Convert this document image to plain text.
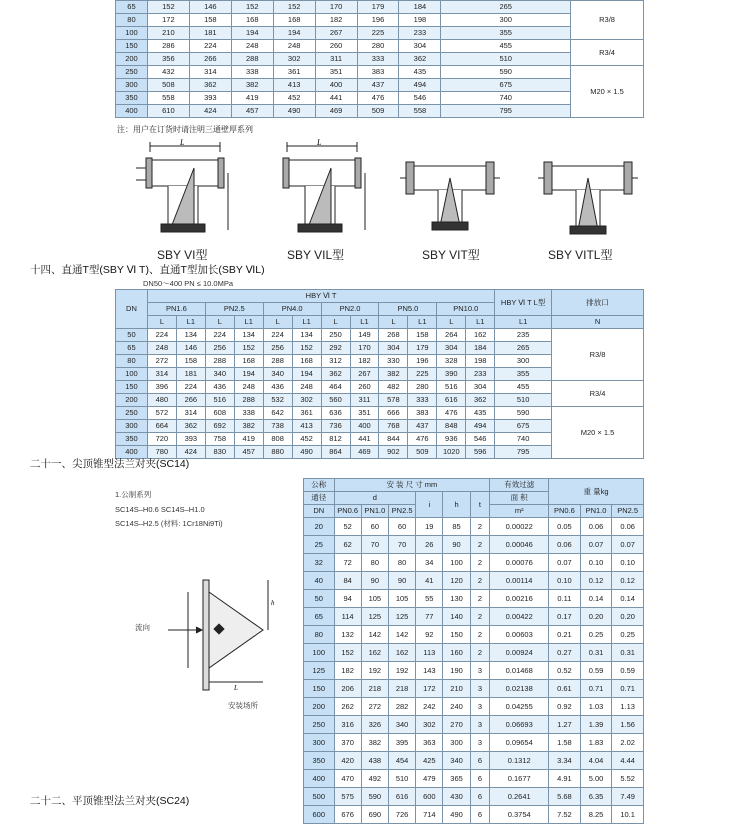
65	152	146	152	152	170	179	184	265	R3/8
80	172	158	168	168	182	196	198	300	
100	210	181	194	194	267	225	233	355	
150	286	224	248	248	260	280	304	455	R3/4
200	356	266	288	302	311	333	362	510	
250	432	314	338	361	351	383	435	590	M20 × 1.5
300	508	362	382	413	400	437	494	675	
350	558	393	419	452	441	476	546	740	
400	610	424	457	490	469	509	558	795	
注：用户在订货时请注明三通壁厚系列
L	L
SBY VI型	SBY VIL型	SBY VIT型	SBY VITL型
十四、直通T型(SBY Ⅵ T)、直通T型加长(SBY ⅥL)
DN50～400 PN ≤ 10.0MPa
DN	HBY Ⅵ T												HBY Ⅵ T L型	排放口
	PN1.6		PN2.5		PN4.0		PN2.0		PN5.0		PN10.0			
	L	L1	L	L1	L	L1	L	L1	L	L1	L	L1	L1	N
50	224	134	224	134	224	134	250	149	268	158	264	162	235	R3/8
65	248	146	256	152	256	152	292	170	304	179	304	184	265	
80	272	158	288	168	288	168	312	182	330	196	328	198	300	
100	314	181	340	194	340	194	362	267	382	225	390	233	355	
150	396	224	436	248	436	248	464	260	482	280	516	304	455	R3/4
200	480	266	516	288	532	302	560	311	578	333	616	362	510	
250	572	314	608	338	642	361	636	351	666	383	476	435	590	M20 × 1.5
300	664	362	692	382	738	413	736	400	768	437	848	494	675	
350	720	393	758	419	808	452	812	441	844	476	936	546	740	
400	780	424	830	457	880	490	864	469	902	509	1020	596	795	
二十一、尖顶锥型法兰对夹(SC14)
1.公制系列
SC14S–H0.6 SC14S–H1.0
SC14S–H2.5 (材料: 1Cr18Ni9Ti)
h
L
流向
安装场所
公称	安 装 尺 寸 mm						有效过滤	重 量kg		
通径	d			i	h	t	面 积			
DN	PN0.6	PN1.0	PN2.5				m²	PN0.6	PN1.0	PN2.5
20	52	60	60	19	85	2	0.00022	0.05	0.06	0.06
25	62	70	70	26	90	2	0.00046	0.06	0.07	0.07
32	72	80	80	34	100	2	0.00076	0.07	0.10	0.10
40	84	90	90	41	120	2	0.00114	0.10	0.12	0.12
50	94	105	105	55	130	2	0.00216	0.11	0.14	0.14
65	114	125	125	77	140	2	0.00422	0.17	0.20	0.20
80	132	142	142	92	150	2	0.00603	0.21	0.25	0.25
100	152	162	162	113	160	2	0.00924	0.27	0.31	0.31
125	182	192	192	143	190	3	0.01468	0.52	0.59	0.59
150	206	218	218	172	210	3	0.02138	0.61	0.71	0.71
200	262	272	282	242	240	3	0.04255	0.92	1.03	1.13
250	316	326	340	302	270	3	0.06693	1.27	1.39	1.56
300	370	382	395	363	300	3	0.09654	1.58	1.83	2.02
350	420	438	454	425	340	6	0.1312	3.34	4.04	4.44
400	470	492	510	479	365	6	0.1677	4.91	5.00	5.52
500	575	590	616	600	430	6	0.2641	5.68	6.35	7.49
600	676	690	726	714	490	6	0.3754	7.52	8.25	10.1
二十二、平顶锥型法兰对夹(SC24)
